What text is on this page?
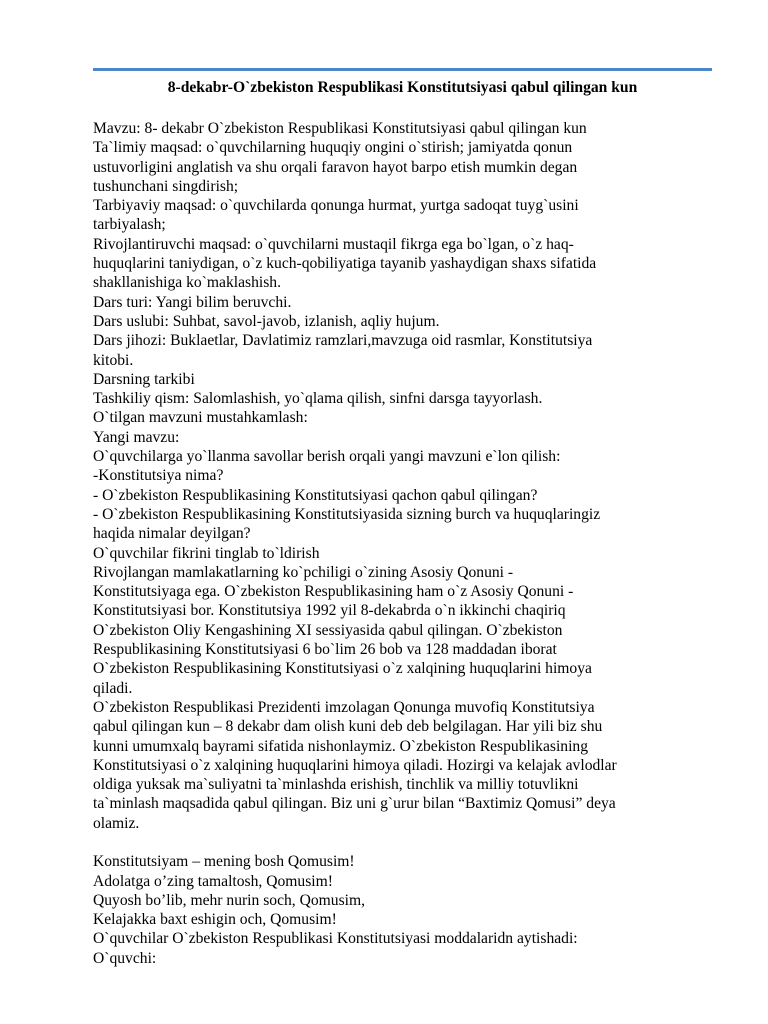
8-dekabr-O`zbekiston Respublikasi Konstitutsiyasi qabul qilingan kun
Mavzu: 8- dekabr O`zbekiston Respublikasi Konstitutsiyasi qabul qilingan kun
Ta`limiy maqsad: o`quvchilarning huquqiy ongini o`stirish; jamiyatda qonun
ustuvorligini anglatish va shu orqali faravon hayot barpo etish mumkin degan
tushunchani singdirish;
Tarbiyaviy maqsad: o`quvchilarda qonunga hurmat, yurtga sadoqat tuyg`usini
tarbiyalash;
Rivojlantiruvchi maqsad: o`quvchilarni mustaqil fikrga ega bo`lgan, o`z haq-
huquqlarini taniydigan, o`z kuch-qobiliyatiga tayanib yashaydigan shaxs sifatida
shakllanishiga ko`maklashish.
Dars turi: Yangi bilim beruvchi.
Dars uslubi: Suhbat, savol-javob, izlanish, aqliy hujum.
Dars jihozi: Buklaetlar, Davlatimiz ramzlari,mavzuga oid rasmlar, Konstitutsiya
kitobi.
Darsning tarkibi
Tashkiliy qism: Salomlashish, yo`qlama qilish, sinfni darsga tayyorlash.
O`tilgan mavzuni mustahkamlash:
Yangi mavzu:
O`quvchilarga yo`llanma savollar berish orqali yangi mavzuni e`lon qilish:
-Konstitutsiya nima?
- O`zbekiston Respublikasining Konstitutsiyasi qachon qabul qilingan?
- O`zbekiston Respublikasining Konstitutsiyasida sizning burch va huquqlaringiz
haqida nimalar deyilgan?
O`quvchilar fikrini tinglab to`ldirish
Rivojlangan mamlakatlarning ko`pchiligi o`zining Asosiy Qonuni -
Konstitutsiyaga ega. O`zbekiston Respublikasining ham o`z Asosiy Qonuni -
Konstitutsiyasi bor. Konstitutsiya 1992 yil 8-dekabrda o`n ikkinchi chaqiriq
O`zbekiston Oliy Kengashining XI sessiyasida qabul qilingan. O`zbekiston
Respublikasining Konstitutsiyasi 6 bo`lim 26 bob va 128 maddadan iborat
O`zbekiston Respublikasining Konstitutsiyasi o`z xalqining huquqlarini himoya
qiladi.
O`zbekiston Respublikasi Prezidenti imzolagan Qonunga muvofiq Konstitutsiya
qabul qilingan kun – 8 dekabr dam olish kuni deb deb belgilagan. Har yili biz shu
kunni umumxalq bayrami sifatida nishonlaymiz. O`zbekiston Respublikasining
Konstitutsiyasi o`z xalqining huquqlarini himoya qiladi. Hozirgi va kelajak avlodlar
oldiga yuksak ma`suliyatni ta`minlashda erishish, tinchlik va milliy totuvlikni
ta`minlash maqsadida qabul qilingan. Biz uni g`urur bilan “Baxtimiz Qomusi” deya
olamiz.
Konstitutsiyam – mening bosh Qomusim!
Adolatga o’zing tamaltosh, Qomusim!
Quyosh bo’lib, mehr nurin soch, Qomusim,
Kelajakka baxt eshigin och, Qomusim!
O`quvchilar O`zbekiston Respublikasi Konstitutsiyasi moddalaridn aytishadi:
O`quvchi:
